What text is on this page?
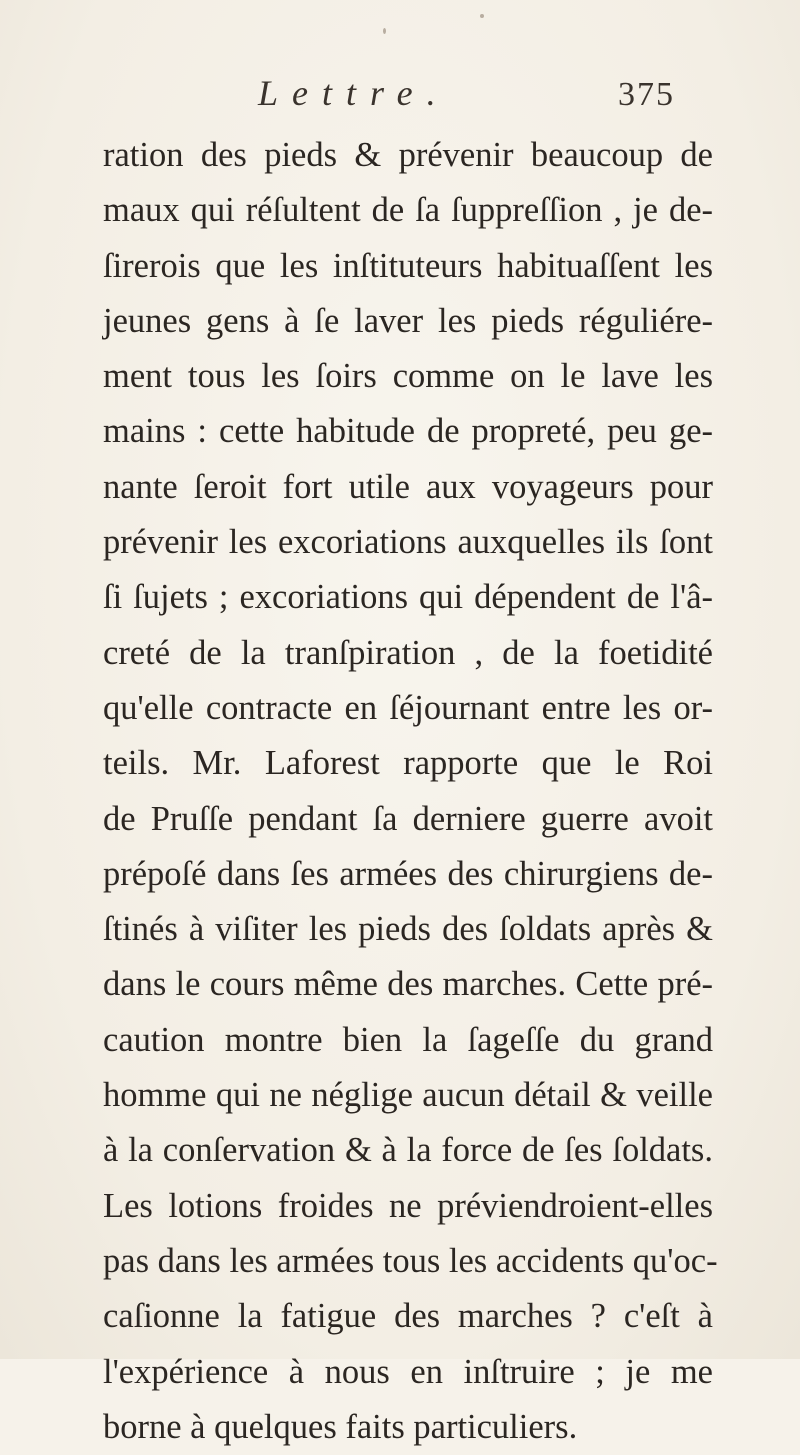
Lettre.	375
ration des pieds & prévenir beaucoup de
maux qui réſultent de ſa ſuppreſſion , je de-
ſirerois que les inſtituteurs habituaſſent les
jeunes gens à ſe laver les pieds réguliére-
ment tous les ſoirs comme on le lave les
mains : cette habitude de propreté, peu ge-
nante ſeroit fort utile aux voyageurs pour
prévenir les excoriations auxquelles ils ſont
ſi ſujets ; excoriations qui dépendent de l'â-
creté de la tranſpiration , de la foetidité
qu'elle contracte en ſéjournant entre les or-
teils. Mr. Laforest rapporte que le Roi
de Pruſſe pendant ſa derniere guerre avoit
prépoſé dans ſes armées des chirurgiens de-
ſtinés à viſiter les pieds des ſoldats après &
dans le cours même des marches. Cette pré-
caution montre bien la ſageſſe du grand
homme qui ne néglige aucun détail & veille
à la conſervation & à la force de ſes ſoldats.
Les lotions froides ne préviendroient-elles
pas dans les armées tous les accidents qu'oc-
caſionne la fatigue des marches ? c'eſt à
l'expérience à nous en inſtruire ; je me
borne à quelques faits particuliers.
